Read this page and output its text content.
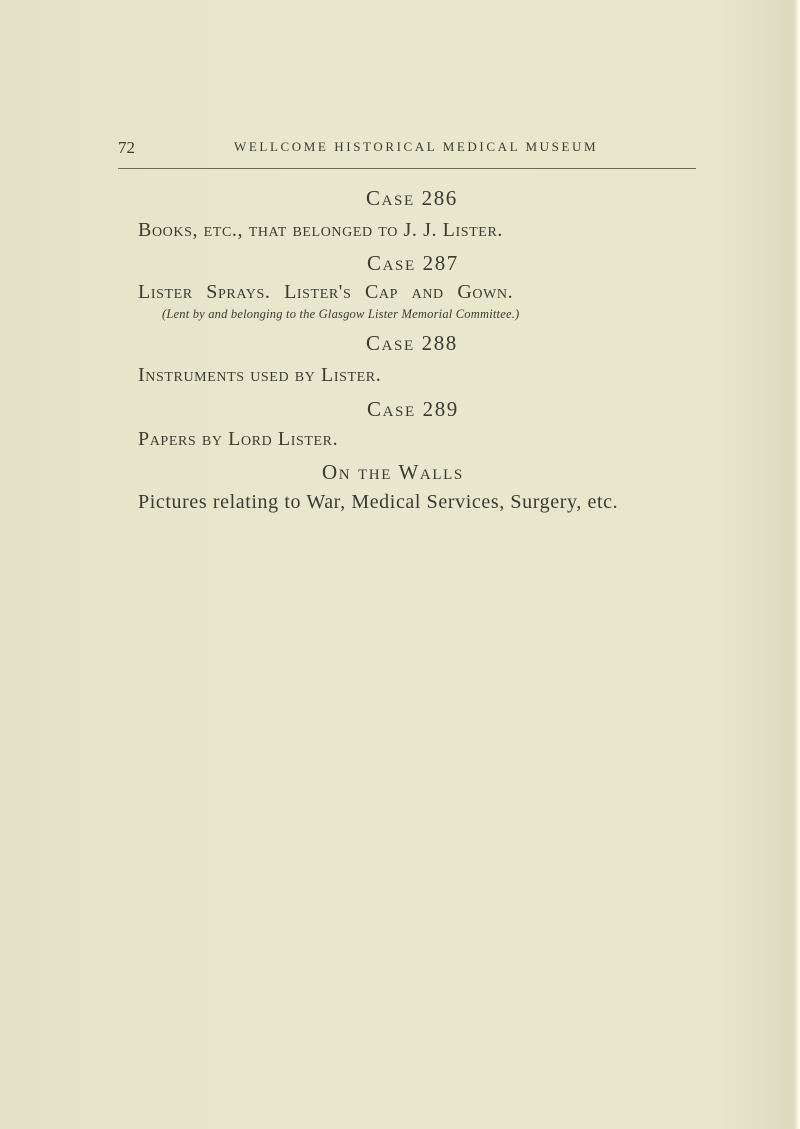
72	WELLCOME HISTORICAL MEDICAL MUSEUM
Case 286
Books, etc., that belonged to J. J. Lister.
Case 287
Lister Sprays. Lister's Cap and Gown.
(Lent by and belonging to the Glasgow Lister Memorial Committee.)
Case 288
Instruments used by Lister.
Case 289
Papers by Lord Lister.
On the Walls
Pictures relating to War, Medical Services, Surgery, etc.
